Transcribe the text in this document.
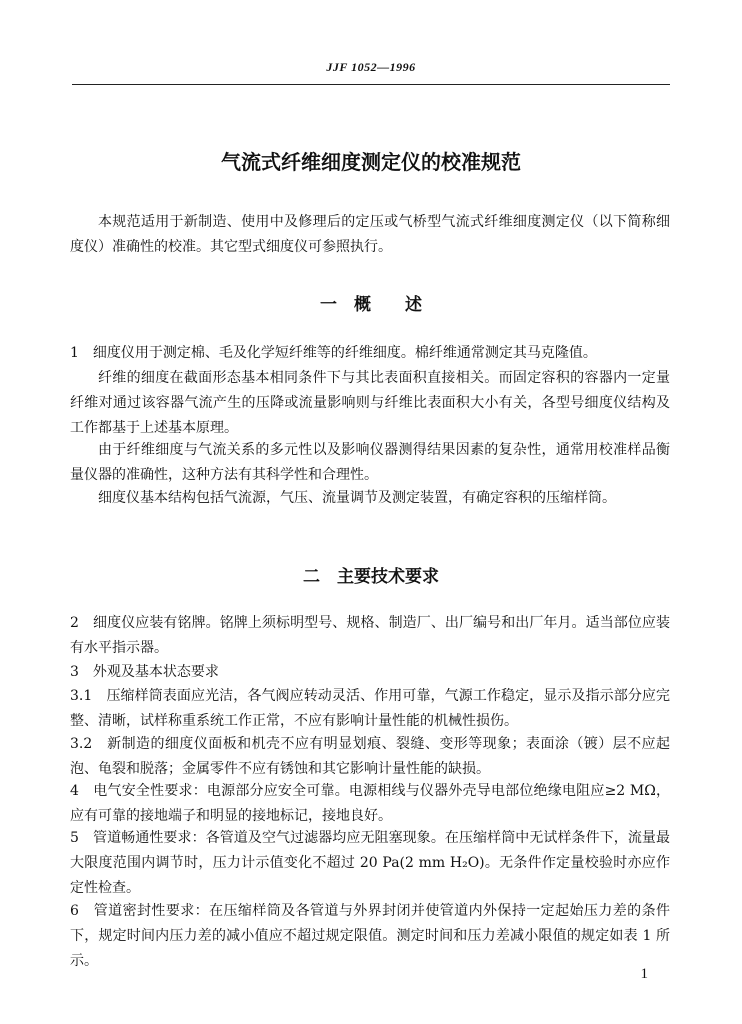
JJF 1052—1996
气流式纤维细度测定仪的校准规范
本规范适用于新制造、使用中及修理后的定压或气桥型气流式纤维细度测定仪（以下简称细度仪）准确性的校准。其它型式细度仪可参照执行。
一　概　　述
1　细度仪用于测定棉、毛及化学短纤维等的纤维细度。棉纤维通常测定其马克隆值。
纤维的细度在截面形态基本相同条件下与其比表面积直接相关。而固定容积的容器内一定量纤维对通过该容器气流产生的压降或流量影响则与纤维比表面积大小有关，各型号细度仪结构及工作都基于上述基本原理。
由于纤维细度与气流关系的多元性以及影响仪器测得结果因素的复杂性，通常用校准样品衡量仪器的准确性，这种方法有其科学性和合理性。
细度仪基本结构包括气流源，气压、流量调节及测定装置，有确定容积的压缩样筒。
二　主要技术要求
2　细度仪应装有铭牌。铭牌上须标明型号、规格、制造厂、出厂编号和出厂年月。适当部位应装有水平指示器。
3　外观及基本状态要求
3.1　压缩样筒表面应光洁，各气阀应转动灵活、作用可靠，气源工作稳定，显示及指示部分应完整、清晰，试样称重系统工作正常，不应有影响计量性能的机械性损伤。
3.2　新制造的细度仪面板和机壳不应有明显划痕、裂缝、变形等现象；表面涂（镀）层不应起泡、龟裂和脱落；金属零件不应有锈蚀和其它影响计量性能的缺损。
4　电气安全性要求：电源部分应安全可靠。电源相线与仪器外壳导电部位绝缘电阻应≥2 MΩ，应有可靠的接地端子和明显的接地标记，接地良好。
5　管道畅通性要求：各管道及空气过滤器均应无阻塞现象。在压缩样筒中无试样条件下，流量最大限度范围内调节时，压力计示值变化不超过 20 Pa(2 mm H₂O)。无条件作定量校验时亦应作定性检查。
6　管道密封性要求：在压缩样筒及各管道与外界封闭并使管道内外保持一定起始压力差的条件下，规定时间内压力差的减小值应不超过规定限值。测定时间和压力差减小限值的规定如表 1 所示。
1
